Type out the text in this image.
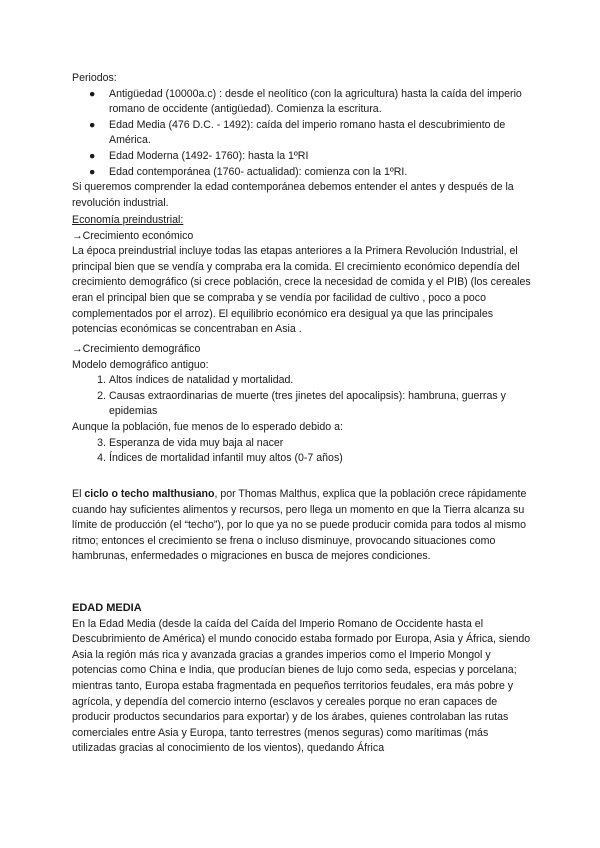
Periodos:

●	Antigüedad (10000a.c) : desde el neolítico (con la agricultura) hasta la caída del imperio romano de occidente (antigüedad). Comienza la escritura.
●	Edad Media (476 D.C. - 1492): caída del imperio romano hasta el descubrimiento de América.
●	Edad Moderna (1492- 1760): hasta la 1ºRI
●	Edad contemporánea (1760- actualidad): comienza con la 1ºRI.

Si queremos comprender la edad contemporánea debemos entender el antes y después de la revolución industrial.

Economía preindustrial:

→Crecimiento económico

La época preindustrial incluye todas las etapas anteriores a la Primera Revolución Industrial, el principal bien que se vendía y compraba era la comida. El crecimiento económico dependía del crecimiento demográfico (si crece población, crece la necesidad de comida y el PIB) (los cereales eran el principal bien que se compraba y se vendía por facilidad de cultivo , poco a poco complementados por el arroz). El equilibrio económico era desigual ya que las principales potencias económicas se concentraban en Asia .

→Crecimiento demográfico

Modelo demográfico antiguo:

1. Altos índices de natalidad y mortalidad.
2. Causas extraordinarias de muerte (tres jinetes del apocalipsis): hambruna, guerras y epidemias

Aunque la población, fue menos de lo esperado debido a:

3. Esperanza de vida muy baja al nacer
4. Índices de mortalidad infantil muy altos (0-7 años)

El ciclo o techo malthusiano, por Thomas Malthus, explica que la población crece rápidamente cuando hay suficientes alimentos y recursos, pero llega un momento en que la Tierra alcanza su límite de producción (el “techo”), por lo que ya no se puede producir comida para todos al mismo ritmo; entonces el crecimiento se frena o incluso disminuye, provocando situaciones como hambrunas, enfermedades o migraciones en busca de mejores condiciones.

EDAD MEDIA

En la Edad Media (desde la caída del Caída del Imperio Romano de Occidente hasta el Descubrimiento de América) el mundo conocido estaba formado por Europa, Asia y África, siendo Asia la región más rica y avanzada gracias a grandes imperios como el Imperio Mongol y potencias como China e India, que producían bienes de lujo como seda, especias y porcelana; mientras tanto, Europa estaba fragmentada en pequeños territorios feudales, era más pobre y agrícola, y dependía del comercio interno (esclavos y cereales porque no eran capaces de producir productos secundarios para exportar) y de los árabes, quienes controlaban las rutas comerciales entre Asia y Europa, tanto terrestres (menos seguras) como marítimas (más utilizadas gracias al conocimiento de los vientos), quedando África
